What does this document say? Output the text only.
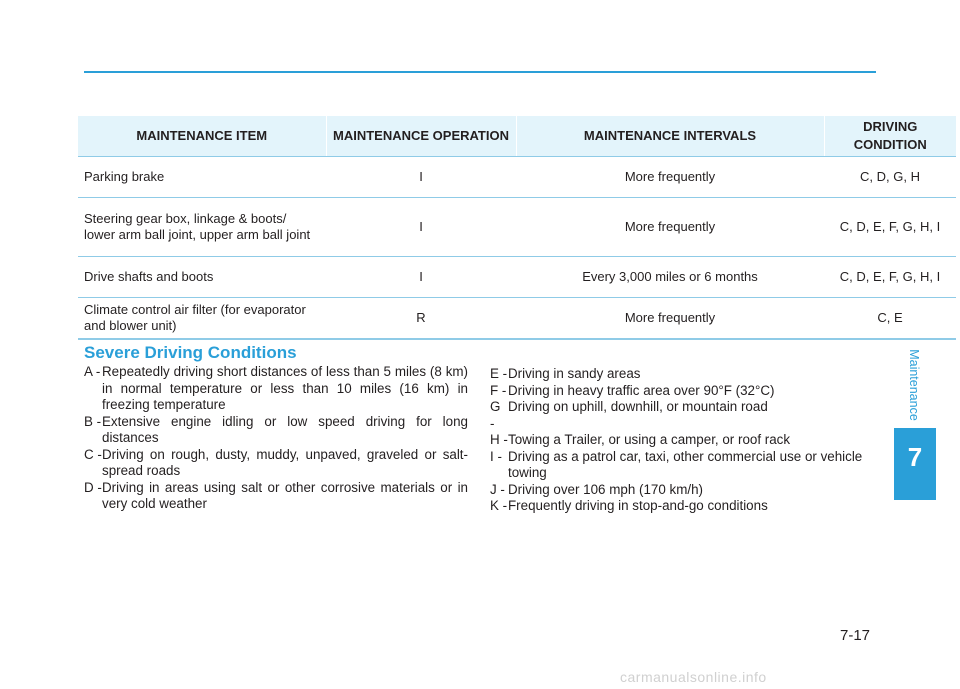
MAINTENANCE ITEM	MAINTENANCE OPERATION	MAINTENANCE INTERVALS	DRIVING CONDITION
Parking brake	I	More frequently	C, D, G, H
Steering gear box, linkage & boots/ lower arm ball joint, upper arm ball joint	I	More frequently	C, D, E, F, G, H, I
Drive shafts and boots	I	Every 3,000 miles or 6 months	C, D, E, F, G, H, I
Climate control air filter (for evaporator and blower unit)	R	More frequently	C, E
Severe Driving Conditions
A - Repeatedly driving short distances of less than 5 miles (8 km) in normal temperature or less than 10 miles (16 km) in freezing temperature
B - Extensive engine idling or low speed driving for long distances
C - Driving on rough, dusty, muddy, unpaved, graveled or salt-spread roads
D - Driving in areas using salt or other corrosive materials or in very cold weather
E - Driving in sandy areas
F - Driving in heavy traffic area over 90°F (32°C)
G -
Driving on uphill, downhill, or mountain road
H - Towing a Trailer, or using a camper, or roof rack
I - Driving as a patrol car, taxi, other commercial use or vehicle towing
J - Driving over 106 mph (170 km/h)
K - Frequently driving in stop-and-go conditions
Maintenance
7
7-17
carmanualsonline.info
